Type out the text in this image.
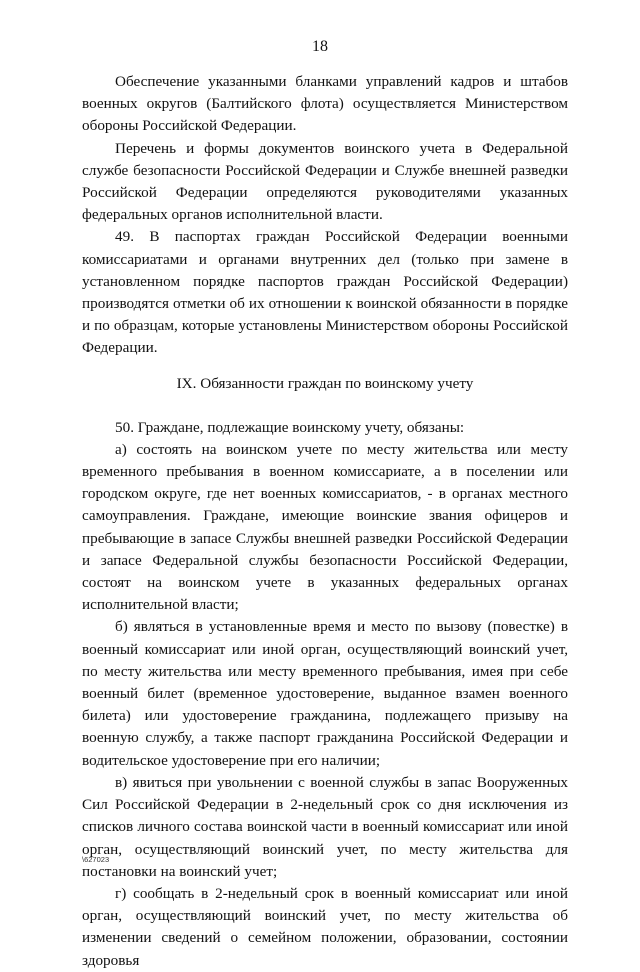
18

Обеспечение указанными бланками управлений кадров и штабов военных округов (Балтийского флота) осуществляется Министерством обороны Российской Федерации.

Перечень и формы документов воинского учета в Федеральной службе безопасности Российской Федерации и Службе внешней разведки Российской Федерации определяются руководителями указанных федеральных органов исполнительной власти.

49. В паспортах граждан Российской Федерации военными комиссариатами и органами внутренних дел (только при замене в установленном порядке паспортов граждан Российской Федерации) производятся отметки об их отношении к воинской обязанности в порядке и по образцам, которые установлены Министерством обороны Российской Федерации.

IX. Обязанности граждан по воинскому учету

50. Граждане, подлежащие воинскому учету, обязаны:

а) состоять на воинском учете по месту жительства или месту временного пребывания в военном комиссариате, а в поселении или городском округе, где нет военных комиссариатов, - в органах местного самоуправления. Граждане, имеющие воинские звания офицеров и пребывающие в запасе Службы внешней разведки Российской Федерации и запасе Федеральной службы безопасности Российской Федерации, состоят на воинском учете в указанных федеральных органах исполнительной власти;

б) являться в установленные время и место по вызову (повестке) в военный комиссариат или иной орган, осуществляющий воинский учет, по месту жительства или месту временного пребывания, имея при себе военный билет (временное удостоверение, выданное взамен военного билета) или удостоверение гражданина, подлежащего призыву на военную службу, а также паспорт гражданина Российской Федерации и водительское удостоверение при его наличии;

в) явиться при увольнении с военной службы в запас Вооруженных Сил Российской Федерации в 2-недельный срок со дня исключения из списков личного состава воинской части в военный комиссариат или иной орган, осуществляющий воинский учет, по месту жительства для постановки на воинский учет;

г) сообщать в 2-недельный срок в военный комиссариат или иной орган, осуществляющий воинский учет, по месту жительства об изменении сведений о семейном положении, образовании, состоянии здоровья

\627023
